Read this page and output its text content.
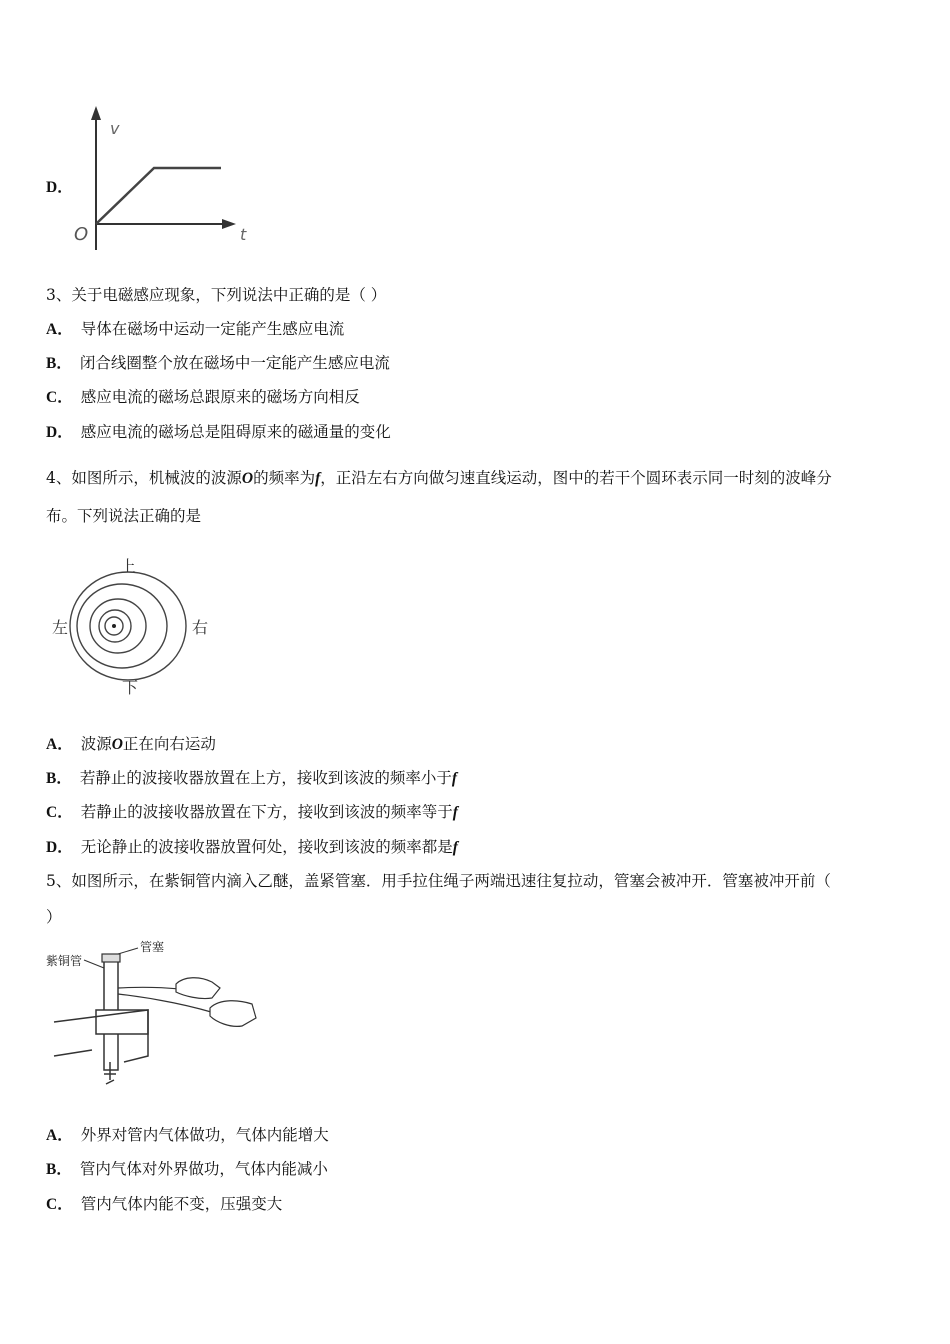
D．
v
t
O
3、关于电磁感应现象，下列说法中正确的是（ ）
A． 导体在磁场中运动一定能产生感应电流
B． 闭合线圈整个放在磁场中一定能产生感应电流
C． 感应电流的磁场总跟原来的磁场方向相反
D． 感应电流的磁场总是阻碍原来的磁通量的变化
4、如图所示，机械波的波源O的频率为f，正沿左右方向做匀速直线运动，图中的若干个圆环表示同一时刻的波峰分
布。下列说法正确的是
上
下
左	右
A． 波源O正在向右运动
B． 若静止的波接收器放置在上方，接收到该波的频率小于f
C． 若静止的波接收器放置在下方，接收到该波的频率等于f
D． 无论静止的波接收器放置何处，接收到该波的频率都是f
5、如图所示，在紫铜管内滴入乙醚，盖紧管塞．用手拉住绳子两端迅速往复拉动，管塞会被冲开．管塞被冲开前（
）
紫铜管
管塞
A． 外界对管内气体做功，气体内能增大
B． 管内气体对外界做功，气体内能减小
C． 管内气体内能不变，压强变大
